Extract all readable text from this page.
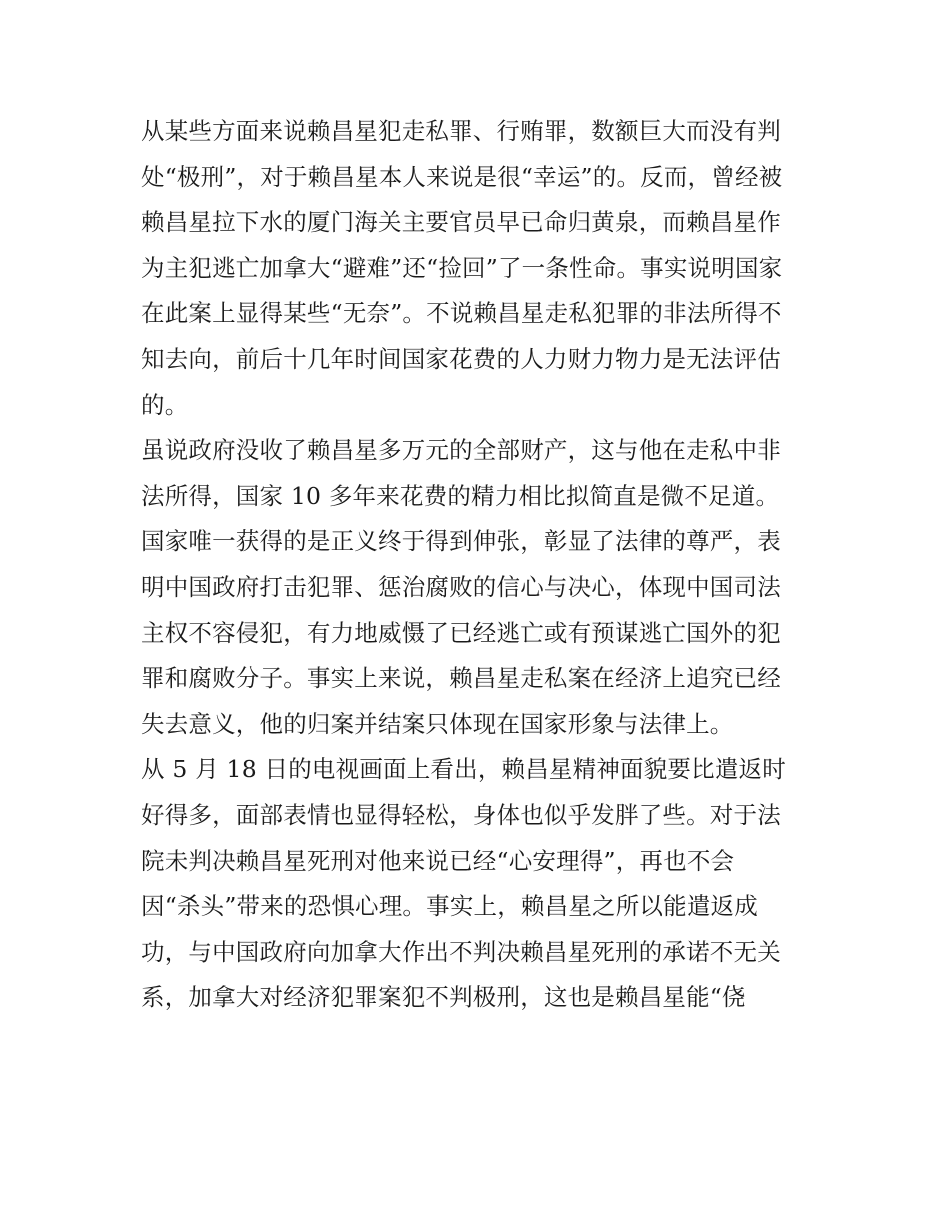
从某些方面来说赖昌星犯走私罪、行贿罪，数额巨大而没有判
处“极刑”，对于赖昌星本人来说是很“幸运”的。反而，曾经被
赖昌星拉下水的厦门海关主要官员早已命归黄泉，而赖昌星作
为主犯逃亡加拿大“避难”还“捡回”了一条性命。事实说明国家
在此案上显得某些“无奈”。不说赖昌星走私犯罪的非法所得不
知去向，前后十几年时间国家花费的人力财力物力是无法评估
的。
虽说政府没收了赖昌星多万元的全部财产，这与他在走私中非
法所得，国家 10 多年来花费的精力相比拟简直是微不足道。
国家唯一获得的是正义终于得到伸张，彰显了法律的尊严，表
明中国政府打击犯罪、惩治腐败的信心与决心，体现中国司法
主权不容侵犯，有力地威慑了已经逃亡或有预谋逃亡国外的犯
罪和腐败分子。事实上来说，赖昌星走私案在经济上追究已经
失去意义，他的归案并结案只体现在国家形象与法律上。
从 5 月 18 日的电视画面上看出，赖昌星精神面貌要比遣返时
好得多，面部表情也显得轻松，身体也似乎发胖了些。对于法
院未判决赖昌星死刑对他来说已经“心安理得”，再也不会
因“杀头”带来的恐惧心理。事实上，赖昌星之所以能遣返成
功，与中国政府向加拿大作出不判决赖昌星死刑的承诺不无关
系，加拿大对经济犯罪案犯不判极刑，这也是赖昌星能“侥
